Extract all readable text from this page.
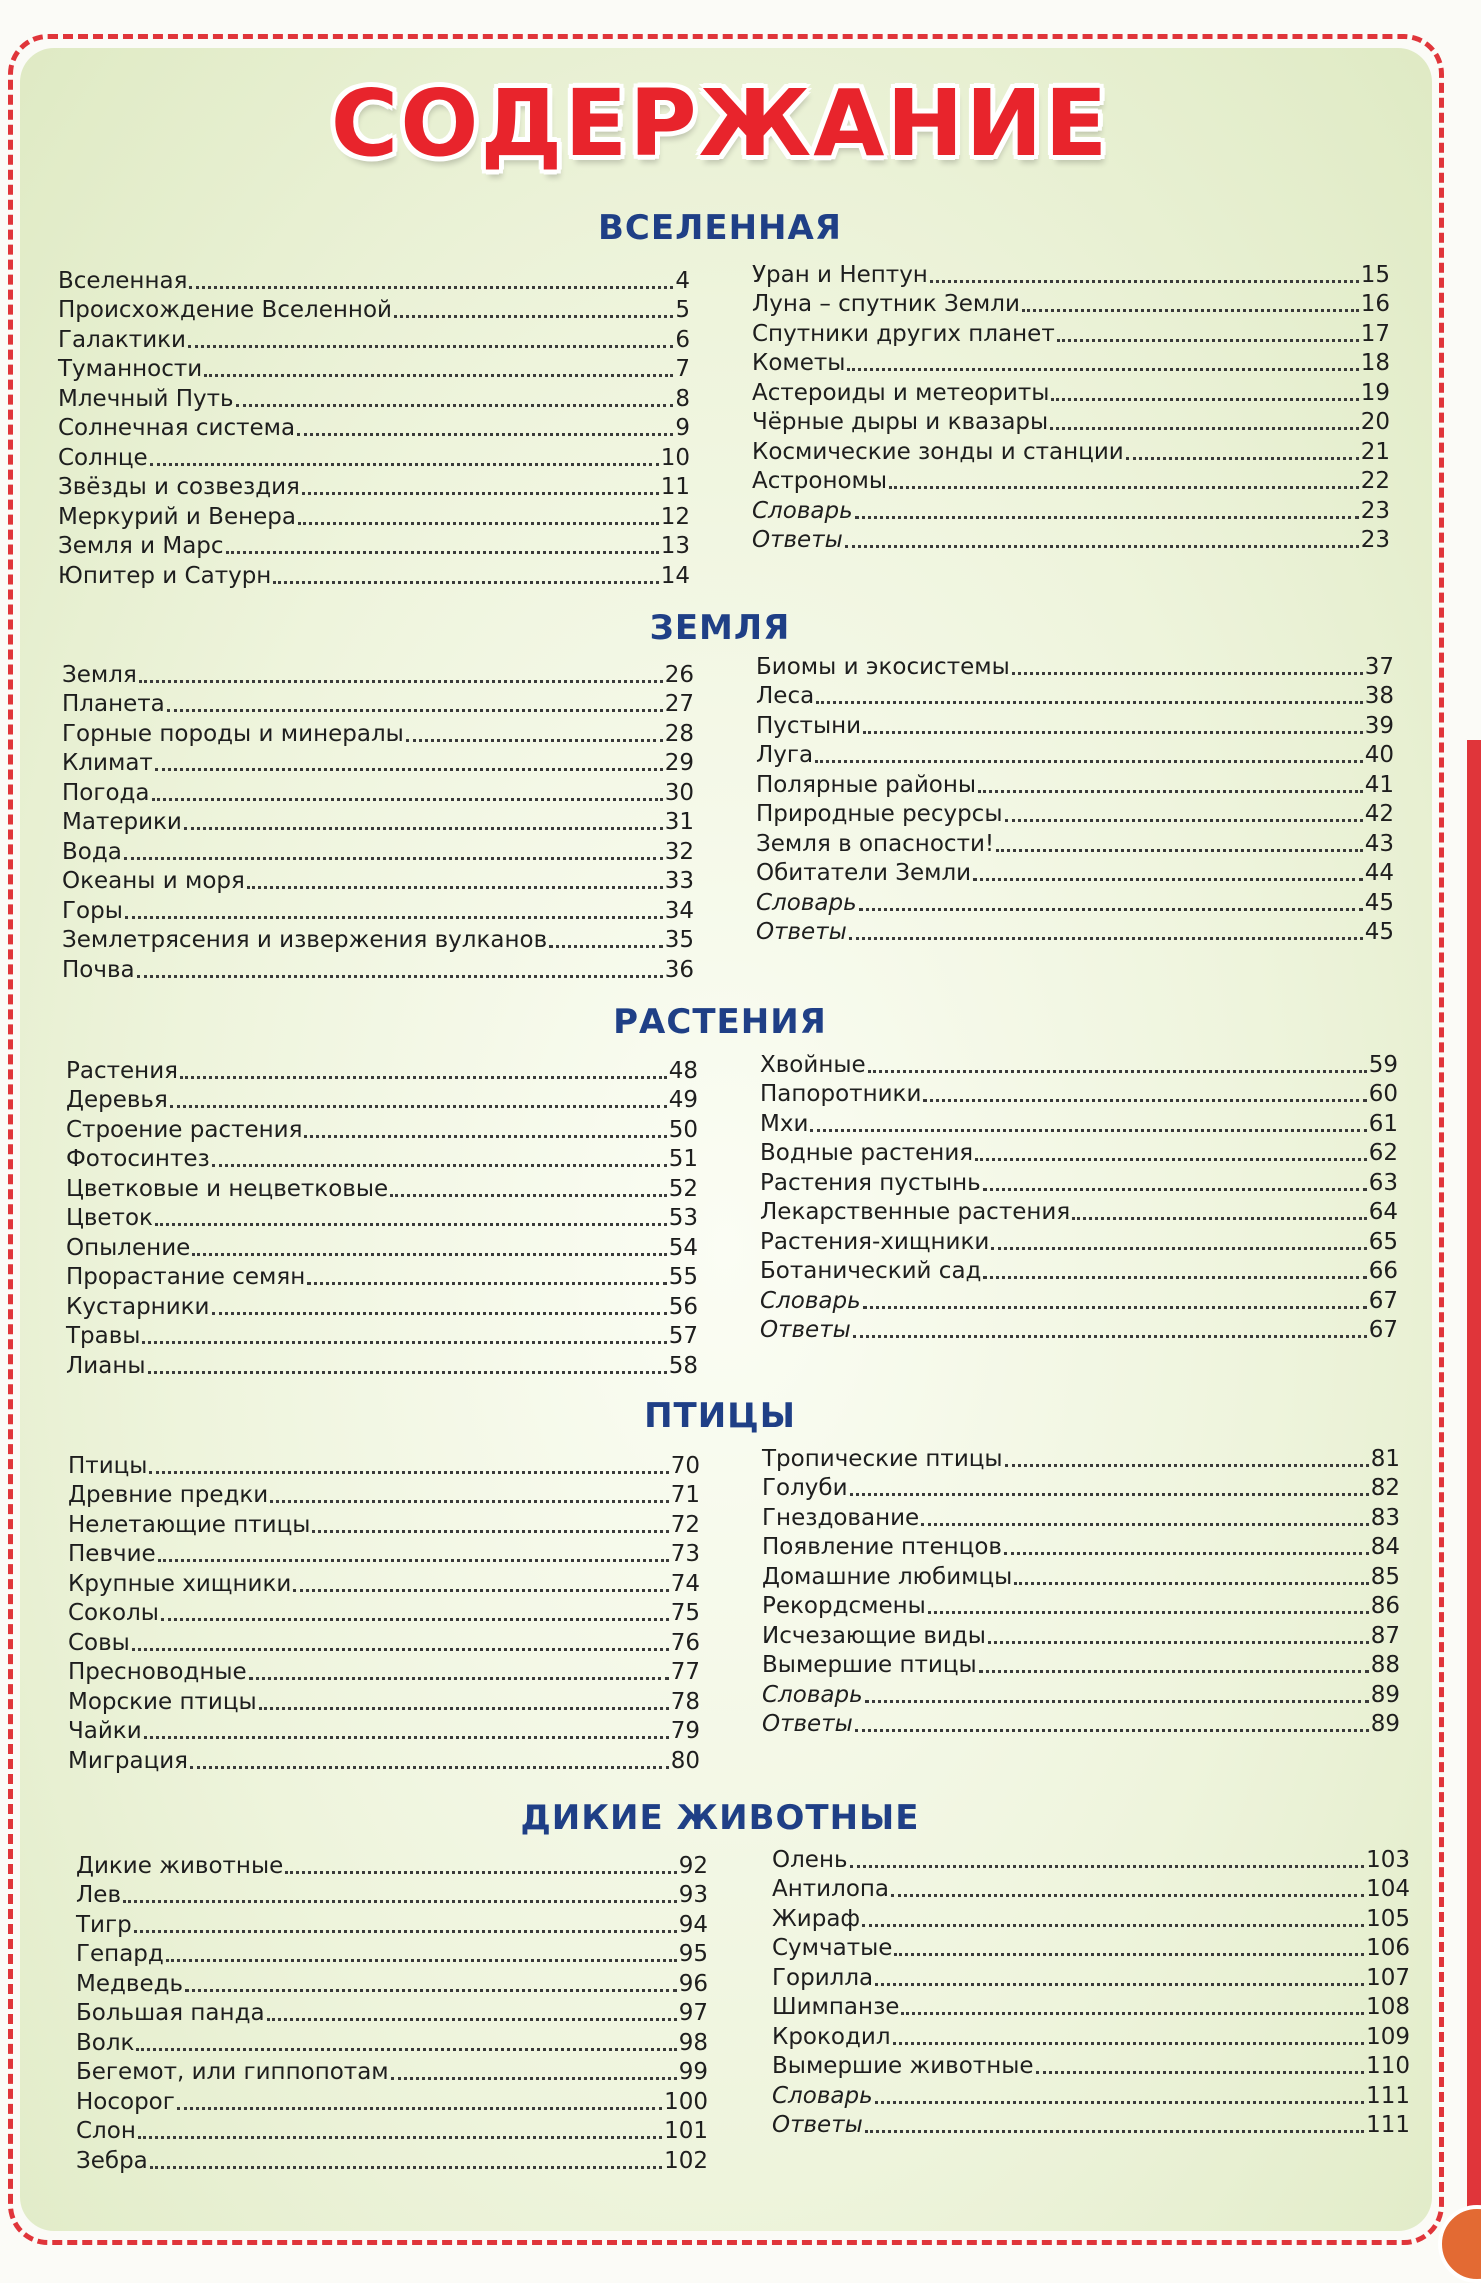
СОДЕРЖАНИЕ
ВСЕЛЕННАЯ
Вселенная	4
Происхождение Вселенной	5
Галактики	6
Туманности	7
Млечный Путь	8
Солнечная система	9
Солнце	10
Звёзды и созвездия	11
Меркурий и Венера	12
Земля и Марс	13
Юпитер и Сатурн	14
Уран и Нептун	15
Луна – спутник Земли	16
Спутники других планет	17
Кометы	18
Астероиды и метеориты	19
Чёрные дыры и квазары	20
Космические зонды и станции	21
Астрономы	22
Словарь	23
Ответы	23
ЗЕМЛЯ
Земля	26
Планета	27
Горные породы и минералы	28
Климат	29
Погода	30
Материки	31
Вода	32
Океаны и моря	33
Горы	34
Землетрясения и извержения вулканов	35
Почва	36
Биомы и экосистемы	37
Леса	38
Пустыни	39
Луга	40
Полярные районы	41
Природные ресурсы	42
Земля в опасности!	43
Обитатели Земли	44
Словарь	45
Ответы	45
РАСТЕНИЯ
Растения	48
Деревья	49
Строение растения	50
Фотосинтез	51
Цветковые и нецветковые	52
Цветок	53
Опыление	54
Прорастание семян	55
Кустарники	56
Травы	57
Лианы	58
Хвойные	59
Папоротники	60
Мхи	61
Водные растения	62
Растения пустынь	63
Лекарственные растения	64
Растения-хищники	65
Ботанический сад	66
Словарь	67
Ответы	67
ПТИЦЫ
Птицы	70
Древние предки	71
Нелетающие птицы	72
Певчие	73
Крупные хищники	74
Соколы	75
Совы	76
Пресноводные	77
Морские птицы	78
Чайки	79
Миграция	80
Тропические птицы	81
Голуби	82
Гнездование	83
Появление птенцов	84
Домашние любимцы	85
Рекордсмены	86
Исчезающие виды	87
Вымершие птицы	88
Словарь	89
Ответы	89
ДИКИЕ ЖИВОТНЫЕ
Дикие животные	92
Лев	93
Тигр	94
Гепард	95
Медведь	96
Большая панда	97
Волк	98
Бегемот, или гиппопотам	99
Носорог	100
Слон	101
Зебра	102
Олень	103
Антилопа	104
Жираф	105
Сумчатые	106
Горилла	107
Шимпанзе	108
Крокодил	109
Вымершие животные	110
Словарь	111
Ответы	111
